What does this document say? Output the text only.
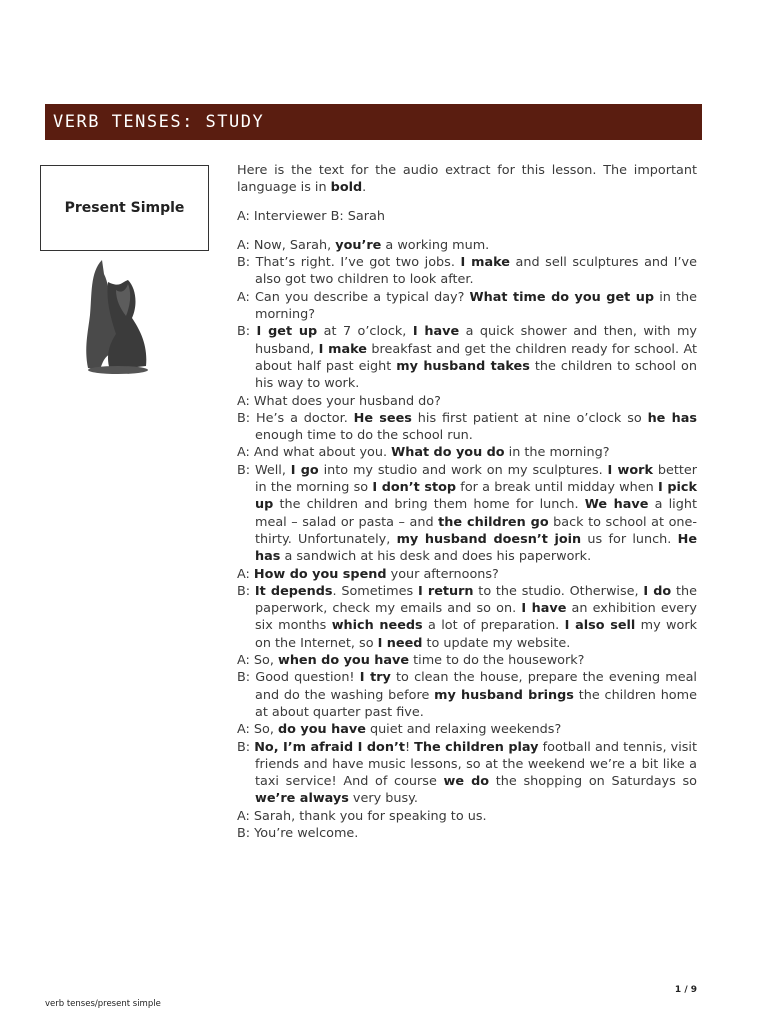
VERB TENSES: STUDY
Present Simple
Here is the text for the audio extract for this lesson. The important language is in bold.
A: Interviewer B: Sarah
A: Now, Sarah, you’re a working mum.
B: That’s right. I’ve got two jobs. I make and sell sculptures and I’ve also got two children to look after.
A: Can you describe a typical day? What time do you get up in the morning?
B: I get up at 7 o’clock, I have a quick shower and then, with my husband, I make breakfast and get the children ready for school. At about half past eight my husband takes the children to school on his way to work.
A: What does your husband do?
B: He’s a doctor. He sees his first patient at nine o’clock so he has enough time to do the school run.
A: And what about you. What do you do in the morning?
B: Well, I go into my studio and work on my sculptures. I work better in the morning so I don’t stop for a break until midday when I pick up the children and bring them home for lunch. We have a light meal – salad or pasta – and the children go back to school at one-thirty. Unfortunately, my husband doesn’t join us for lunch. He has a sandwich at his desk and does his paperwork.
A: How do you spend your afternoons?
B: It depends. Sometimes I return to the studio. Otherwise, I do the paperwork, check my emails and so on. I have an exhibition every six months which needs a lot of preparation. I also sell my work on the Internet, so I need to update my website.
A: So, when do you have time to do the housework?
B: Good question! I try to clean the house, prepare the evening meal and do the washing before my husband brings the children home at about quarter past five.
A: So, do you have quiet and relaxing weekends?
B: No, I’m afraid I don’t! The children play football and tennis, visit friends and have music lessons, so at the weekend we’re a bit like a taxi service! And of course we do the shopping on Saturdays so we’re always very busy.
A: Sarah, thank you for speaking to us.
B: You’re welcome.
verb tenses/present simple
1 / 9
